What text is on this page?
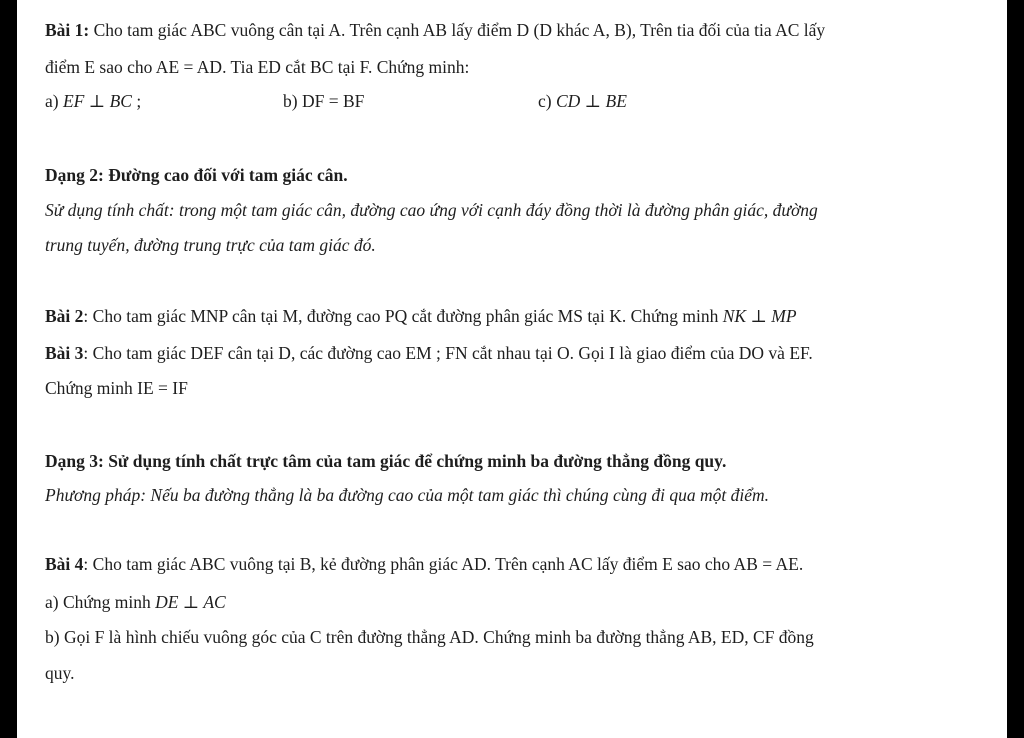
Bài 1: Cho tam giác ABC vuông cân tại A. Trên cạnh AB lấy điểm D (D khác A, B), Trên tia đối của tia AC lấy
điểm E sao cho AE = AD. Tia ED cắt BC tại F. Chứng minh:
a) EF ⊥ BC ;	b) DF = BF	c) CD ⊥ BE
Dạng 2: Đường cao đối với tam giác cân.
Sử dụng tính chất: trong một tam giác cân, đường cao ứng với cạnh đáy đồng thời là đường phân giác, đường
trung tuyến, đường trung trực của tam giác đó.
Bài 2: Cho tam giác MNP cân tại M, đường cao PQ cắt đường phân giác MS tại K. Chứng minh NK ⊥ MP
Bài 3: Cho tam giác DEF cân tại D, các đường cao EM ; FN cắt nhau tại O. Gọi I là giao điểm của DO và EF.
Chứng minh IE = IF
Dạng 3: Sử dụng tính chất trực tâm của tam giác để chứng minh ba đường thẳng đồng quy.
Phương pháp: Nếu ba đường thẳng là ba đường cao của một tam giác thì chúng cùng đi qua một điểm.
Bài 4: Cho tam giác ABC vuông tại B, kẻ đường phân giác AD. Trên cạnh AC lấy điểm E sao cho AB = AE.
a) Chứng minh DE ⊥ AC
b) Gọi F là hình chiếu vuông góc của C trên đường thẳng AD. Chứng minh ba đường thẳng AB, ED, CF đồng
quy.
